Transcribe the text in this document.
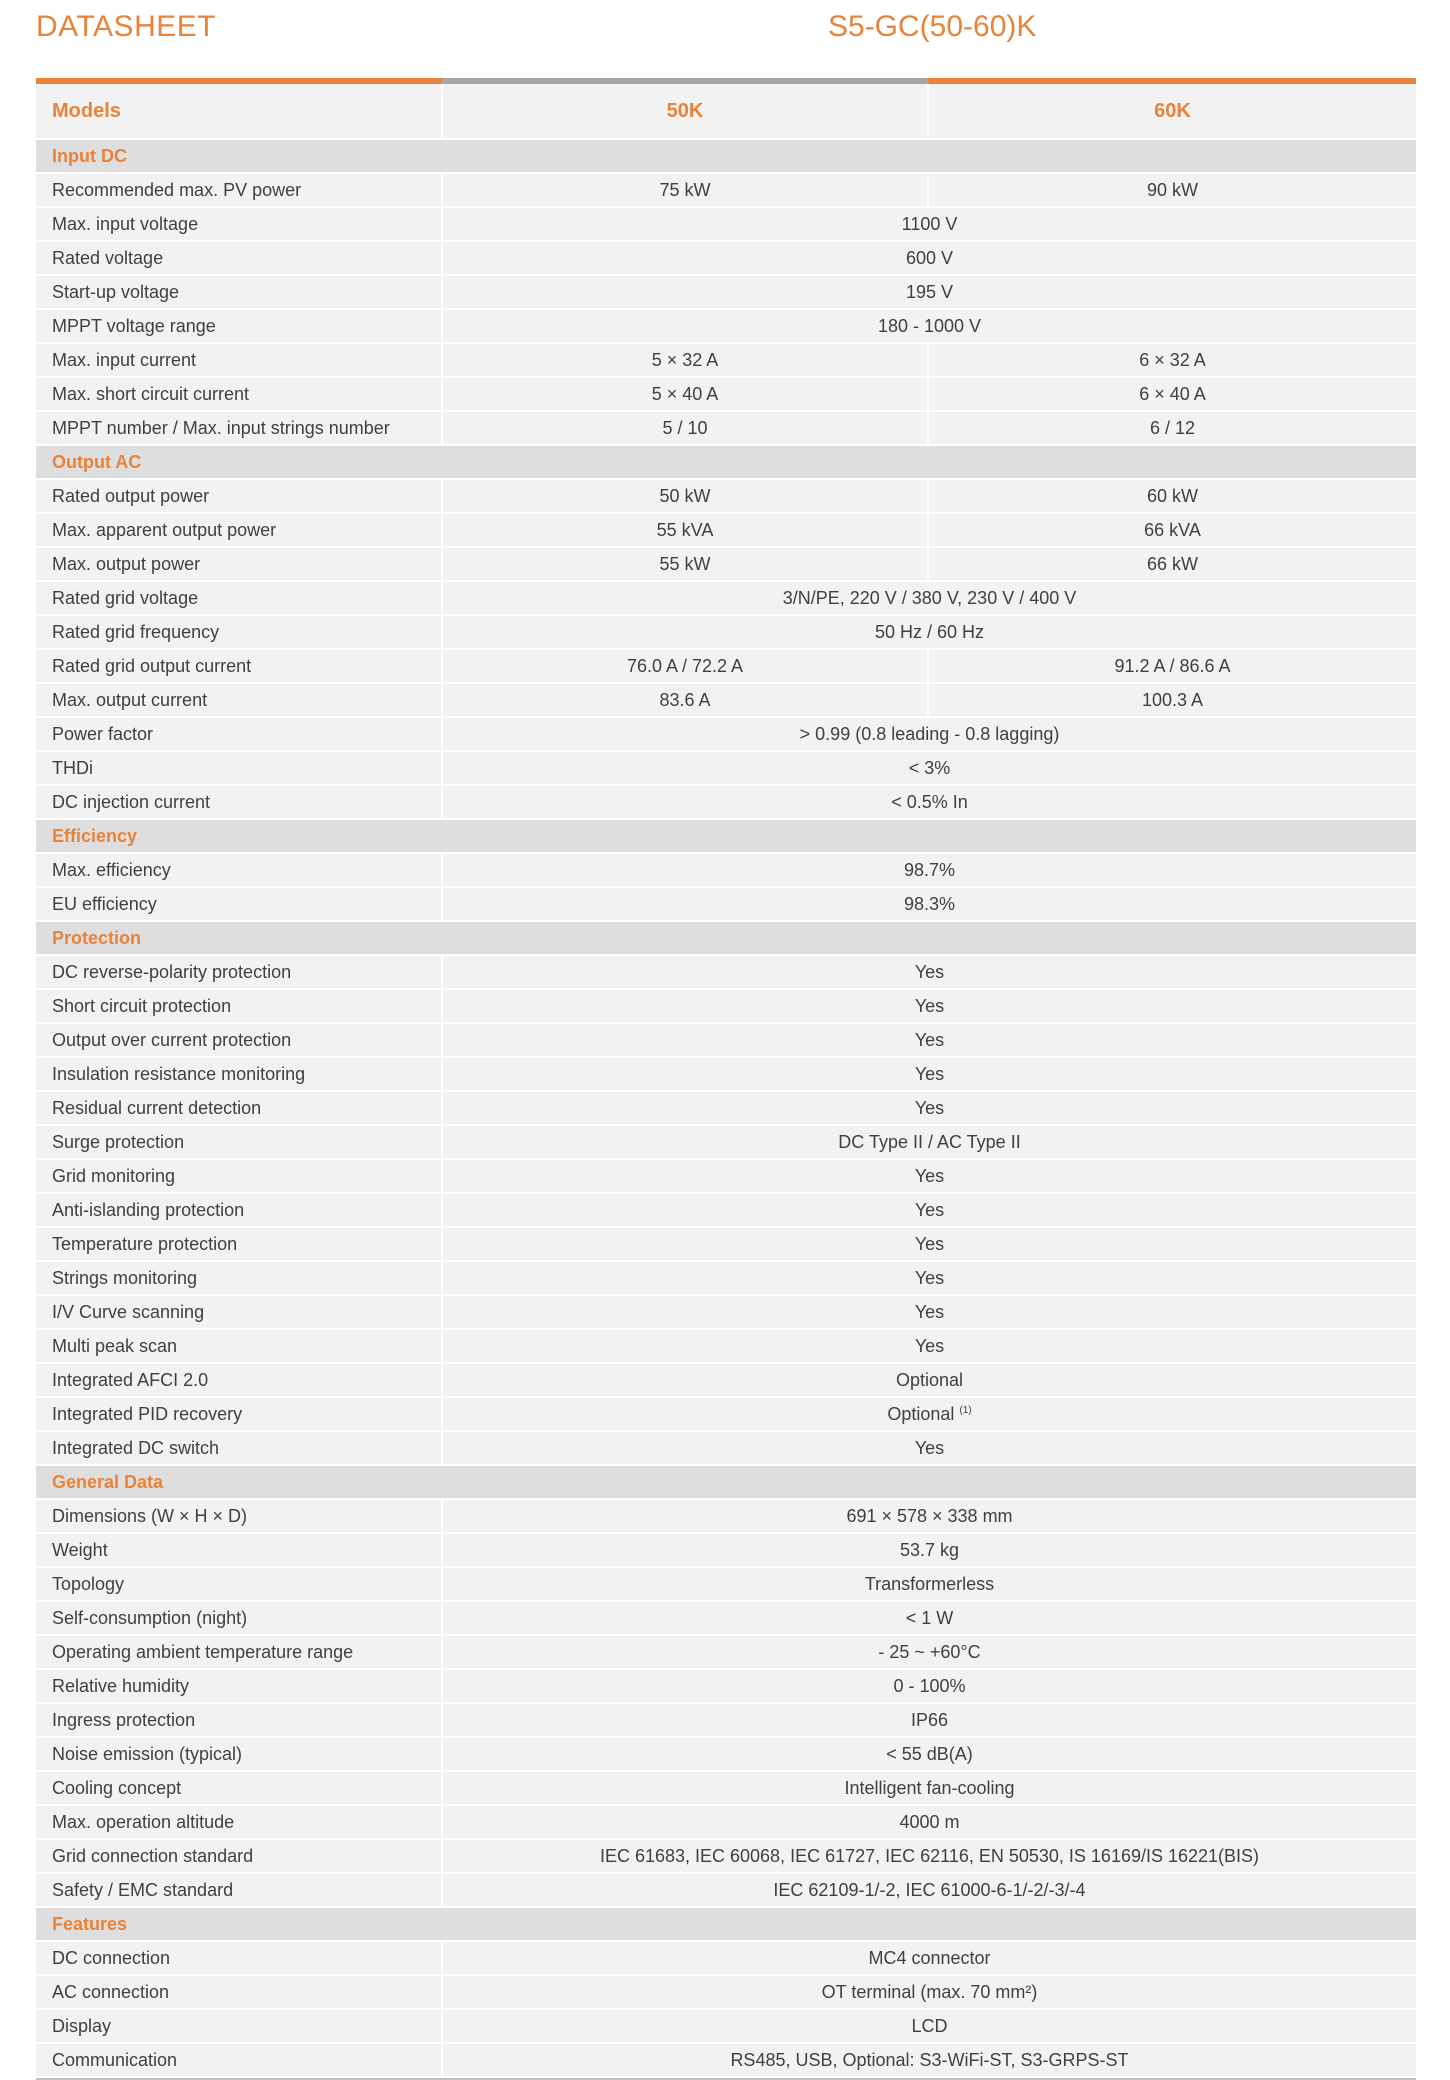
DATASHEET	S5-GC(50-60)K
Models	50K	60K
Input DC		
Recommended max. PV power	75 kW	90 kW
Max. input voltage	1100 V	
Rated voltage	600 V	
Start-up voltage	195 V	
MPPT voltage range	180 - 1000 V	
Max. input current	5 × 32 A	6 × 32 A
Max. short circuit current	5 × 40 A	6 × 40 A
MPPT number / Max. input strings number	5 / 10	6 / 12
Output AC		
Rated output power	50 kW	60 kW
Max. apparent output power	55 kVA	66 kVA
Max. output power	55 kW	66 kW
Rated grid voltage	3/N/PE, 220 V / 380 V, 230 V / 400 V	
Rated grid frequency	50 Hz / 60 Hz	
Rated grid output current	76.0 A / 72.2 A	91.2 A / 86.6 A
Max. output current	83.6 A	100.3 A
Power factor	> 0.99 (0.8 leading - 0.8 lagging)	
THDi	< 3%	
DC injection current	< 0.5% In	
Efficiency		
Max. efficiency	98.7%	
EU efficiency	98.3%	
Protection		
DC reverse-polarity protection	Yes	
Short circuit protection	Yes	
Output over current protection	Yes	
Insulation resistance monitoring	Yes	
Residual current detection	Yes	
Surge protection	DC Type II / AC Type II	
Grid monitoring	Yes	
Anti-islanding protection	Yes	
Temperature protection	Yes	
Strings monitoring	Yes	
I/V Curve scanning	Yes	
Multi peak scan	Yes	
Integrated AFCI 2.0	Optional	
Integrated PID recovery	Optional $^{(1)}$
Integrated DC switch	Yes	
General Data		
Dimensions (W × H × D)	691 × 578 × 338 mm	
Weight	53.7 kg	
Topology	Transformerless	
Self-consumption (night)	< 1 W	
Operating ambient temperature range	- 25 ~ +60°C	
Relative humidity	0 - 100%	
Ingress protection	IP66	
Noise emission (typical)	< 55 dB(A)	
Cooling concept	Intelligent fan-cooling	
Max. operation altitude	4000 m	
Grid connection standard	IEC 61683, IEC 60068, IEC 61727, IEC 62116, EN 50530, IS 16169/IS 16221(BIS)	
Safety / EMC standard	IEC 62109-1/-2, IEC 61000-6-1/-2/-3/-4	
Features		
DC connection	MC4 connector	
AC connection	OT terminal (max. 70 mm²)	
Display	LCD	
Communication	RS485, USB, Optional: S3-WiFi-ST, S3-GRPS-ST	
